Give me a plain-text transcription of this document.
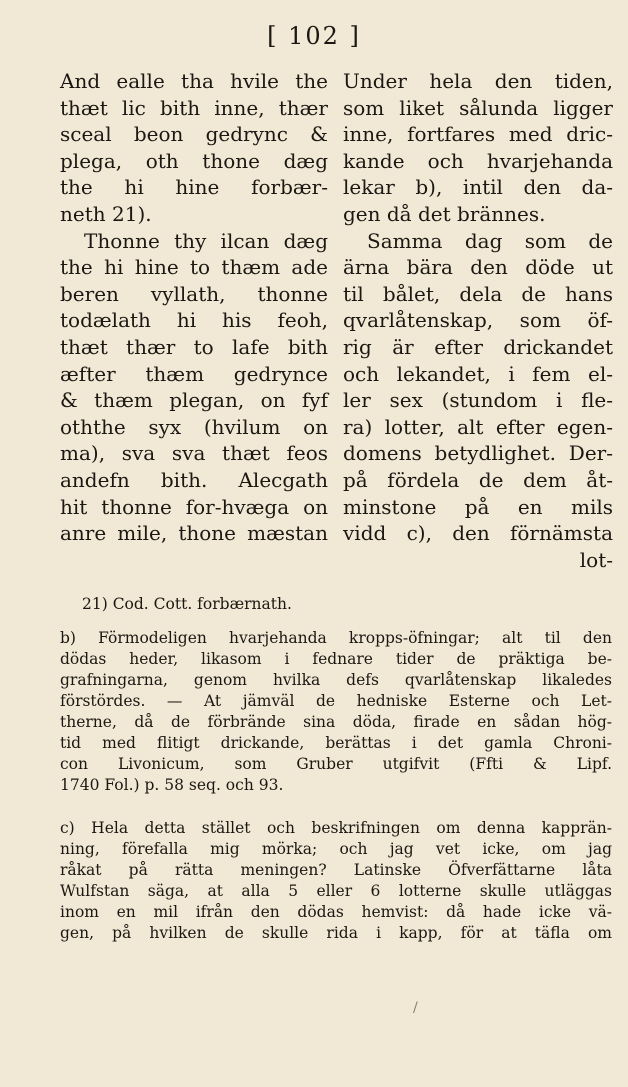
[ 102 ]
And ealle tha hvile the
thæt lic bith inne, thær
sceal beon gedrync &
plega, oth thone dæg
the hi hine forbær-
neth 21).
Thonne thy ilcan dæg
the hi hine to thæm ade
beren vyllath, thonne
todælath hi his feoh,
thæt thær to lafe bith
æfter thæm gedrynce
& thæm plegan, on fyf
oththe syx (hvilum on
ma), sva sva thæt feos
andefn bith. Alecgath
hit thonne for-hvæga on
anre mile, thone mæstan
Under hela den tiden,
som liket sålunda ligger
inne, fortfares med dric-
kande och hvarjehanda
lekar b), intil den da-
gen då det brännes.
Samma dag som de
ärna bära den döde ut
til bålet, dela de hans
qvarlåtenskap, som öf-
rig är efter drickandet
och lekandet, i fem el-
ler sex (stundom i fle-
ra) lotter, alt efter egen-
domens betydlighet. Der-
på fördela de dem åt-
minstone på en mils
vidd c), den förnämsta
lot-
21) Cod. Cott. forbærnath.
b) Förmodeligen hvarjehanda kropps-öfningar; alt til den
dödas heder, likasom i fednare tider de präktiga be-
grafningarna, genom hvilka defs qvarlåtenskap likaledes
förstördes. — At jämväl de hedniske Esterne och Let-
therne, då de förbrände sina döda, firade en sådan hög-
tid med flitigt drickande, berättas i det gamla Chroni-
con Livonicum, som Gruber utgifvit (Ffti & Lipf.
1740 Fol.) p. 58 seq. och 93.
c) Hela detta stället och beskrifningen om denna kapprän-
ning, förefalla mig mörka; och jag vet icke, om jag
råkat på rätta meningen? Latinske Öfverfättarne låta
Wulfstan säga, at alla 5 eller 6 lotterne skulle utläggas
inom en mil ifrån den dödas hemvist: då hade icke vä-
gen, på hvilken de skulle rida i kapp, för at täfla om
/
